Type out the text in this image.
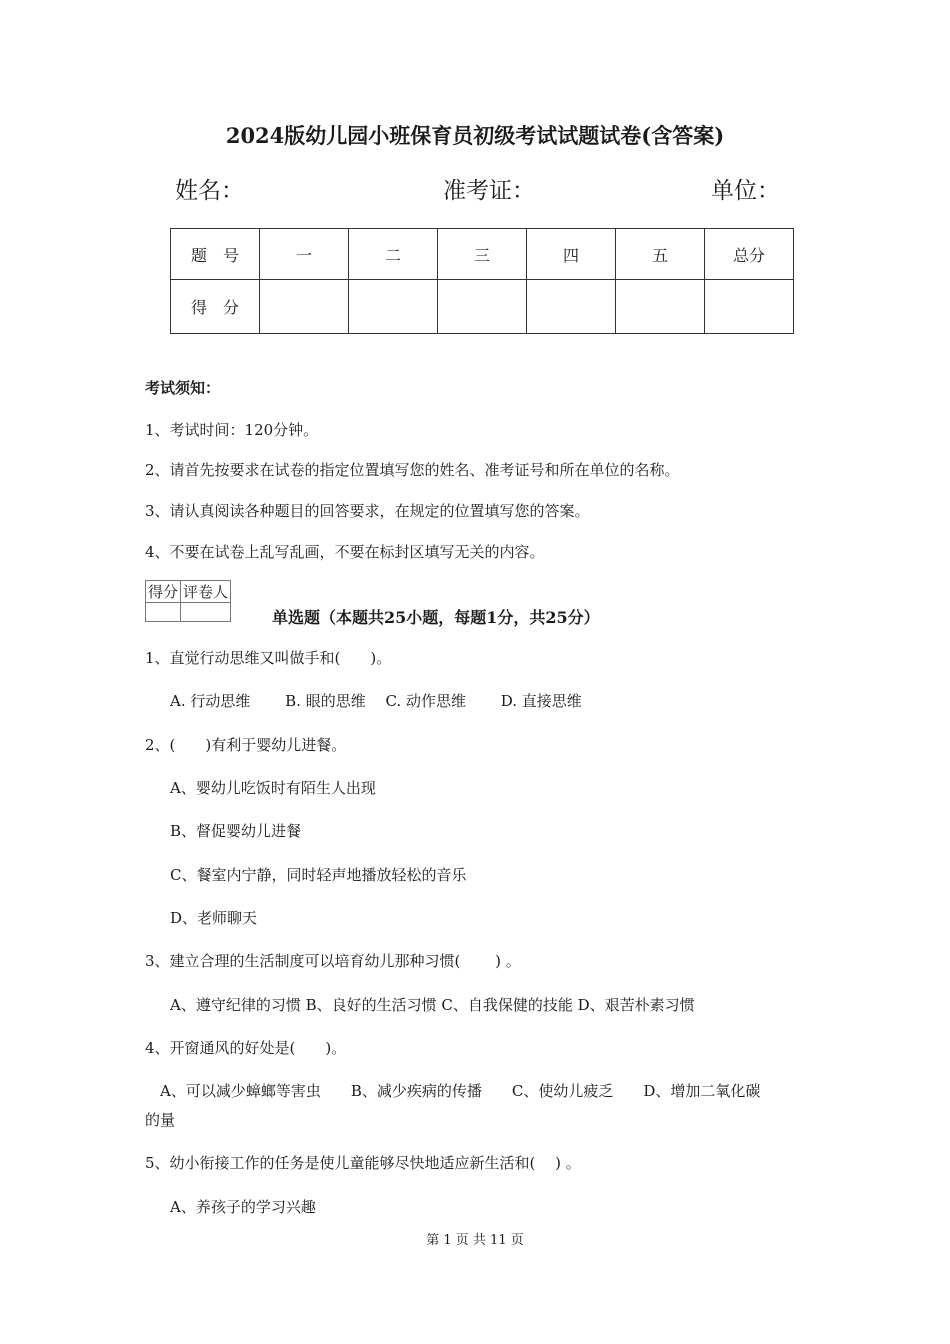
2024版幼儿园小班保育员初级考试试题试卷(含答案)
姓名：	准考证：	单位：
题　号	一	二	三	四	五	总分
得　分						
考试须知：
1、考试时间：120分钟。
2、请首先按要求在试卷的指定位置填写您的姓名、准考证号和所在单位的名称。
3、请认真阅读各种题目的回答要求，在规定的位置填写您的答案。
4、不要在试卷上乱写乱画，不要在标封区填写无关的内容。
得分	评卷人

单选题（本题共25小题，每题1分，共25分）
1、直觉行动思维又叫做手和(　　)。
A. 行动思维　　 B. 眼的思维　 C. 动作思维　　 D. 直接思维
2、(　　)有利于婴幼儿进餐。
A、婴幼儿吃饭时有陌生人出现
B、督促婴幼儿进餐
C、餐室内宁静，同时轻声地播放轻松的音乐
D、老师聊天
3、建立合理的生活制度可以培育幼儿那种习惯(　　 ) 。
A、遵守纪律的习惯 B、良好的生活习惯 C、自我保健的技能 D、艰苦朴素习惯
4、开窗通风的好处是(　　)。
　A、可以减少蟑螂等害虫　　B、减少疾病的传播　　C、使幼儿疲乏　　D、增加二氧化碳
的量
5、幼小衔接工作的任务是使儿童能够尽快地适应新生活和(　 ) 。
A、养孩子的学习兴趣
第 1 页 共 11 页
